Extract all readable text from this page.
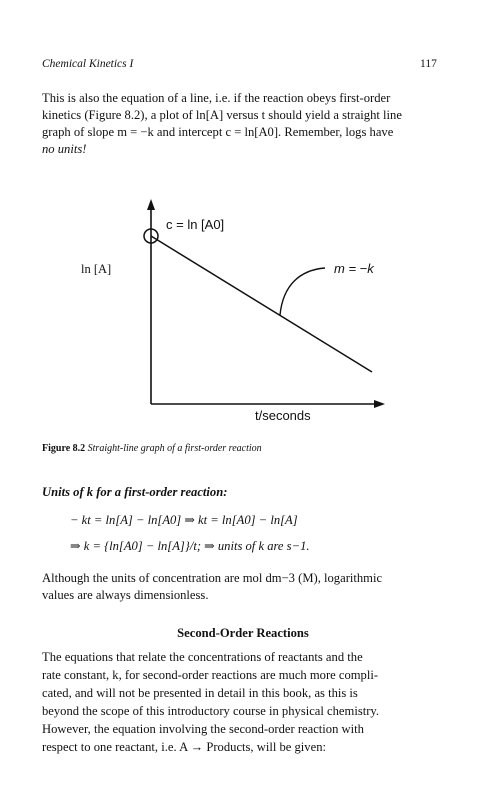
Chemical Kinetics I	117
This is also the equation of a line, i.e. if the reaction obeys first-order
kinetics (Figure 8.2), a plot of ln[A] versus t should yield a straight line
graph of slope m = −k and intercept c = ln[A0]. Remember, logs have
no units!
c = ln [A0]
ln [A]	m = −k
t/seconds
Figure 8.2 Straight-line graph of a first-order reaction
Units of k for a first-order reaction:
− kt = ln[A] − ln[A0] ⇒ kt = ln[A0] − ln[A]
⇒ k = {ln[A0] − ln[A]}/t; ⇒ units of k are s−1.
Although the units of concentration are mol dm−3 (M), logarithmic
values are always dimensionless.
Second-Order Reactions
The equations that relate the concentrations of reactants and the
rate constant, k, for second-order reactions are much more compli-
cated, and will not be presented in detail in this book, as this is
beyond the scope of this introductory course in physical chemistry.
However, the equation involving the second-order reaction with
respect to one reactant, i.e. A → Products, will be given:
